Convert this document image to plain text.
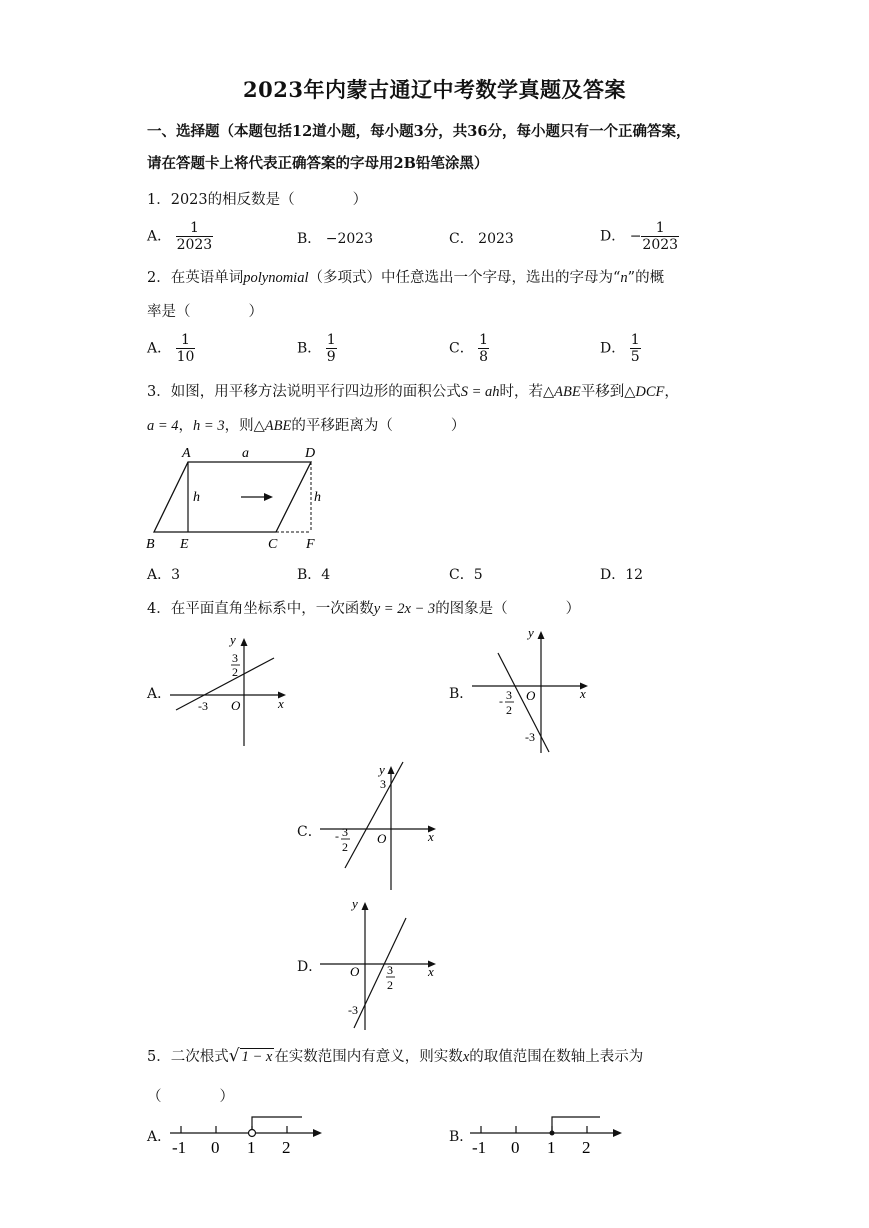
2023年内蒙古通辽中考数学真题及答案
一、选择题（本题包括12道小题，每小题3分，共36分，每小题只有一个正确答案，
请在答题卡上将代表正确答案的字母用2B铅笔涂黑）
1．2023的相反数是（　　　　）
A． $\frac{1}{2023}$	B． −2023	C． 2023	D． − $\frac{1}{2023}$
2．在英语单词polynomial（多项式）中任意选出一个字母，选出的字母为“n”的概
率是（　　　　）
A． $\frac{1}{10}$	B． $\frac{1}{9}$	C． $\frac{1}{8}$	D． $\frac{1}{5}$
3．如图，用平移方法说明平行四边形的面积公式S = ah时，若△ABE平移到△DCF，
a = 4，h = 3，则△ABE的平移距离为（　　　　）
A	a	D
h	h
B E	C F
A．3	B．4	C．5	D．12
4．在平面直角坐标系中，一次函数y = 2x − 3的图象是（　　　　）
A．
y
x
O
3
2
-3
B．
y
x
O
- 3
2
-3
C．
y
x
O
3
- 3
2
D．
y
x
O 3
2
-3
5．二次根式√ 1 − x 在实数范围内有意义，则实数x的取值范围在数轴上表示为
（　　　　）
A．
-1 0 1 2
B．
-1 0 1 2
